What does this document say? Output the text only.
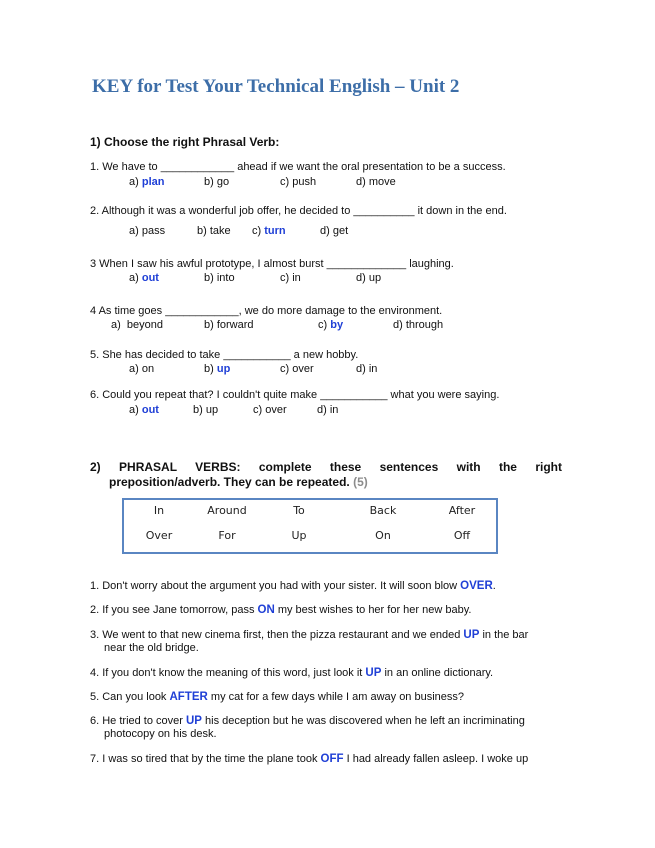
KEY for Test Your Technical English – Unit 2
1) Choose the right Phrasal Verb:
1. We have to ____________ ahead if we want the oral presentation to be a success.
a) plan	b) go	c) push	d) move
2. Although it was a wonderful job offer, he decided to __________ it down in the end.
a) pass	b) take c) turn	d) get
3 When I saw his awful prototype, I almost burst _____________ laughing.
a) out	b) into	c) in	d) up
4 As time goes ____________, we do more damage to the environment.
a) beyond	b) forward	c) by	d) through
5. She has decided to take ___________ a new hobby.
a) on	b) up	c) over	d) in
6. Could you repeat that? I couldn't quite make ___________ what you were saying.
a) out	b) up	c) over	d) in
2) PHRASAL VERBS: complete these sentences with the right
preposition/adverb. They can be repeated. (5)
In	Around	To	Back	After
Over	For	Up	On	Off
1. Don't worry about the argument you had with your sister. It will soon blow OVER.
2. If you see Jane tomorrow, pass ON my best wishes to her for her new baby.
3. We went to that new cinema first, then the pizza restaurant and we ended UP in the bar
near the old bridge.
4. If you don't know the meaning of this word, just look it UP in an online dictionary.
5. Can you look AFTER my cat for a few days while I am away on business?
6. He tried to cover UP his deception but he was discovered when he left an incriminating
photocopy on his desk.
7. I was so tired that by the time the plane took OFF I had already fallen asleep. I woke up
